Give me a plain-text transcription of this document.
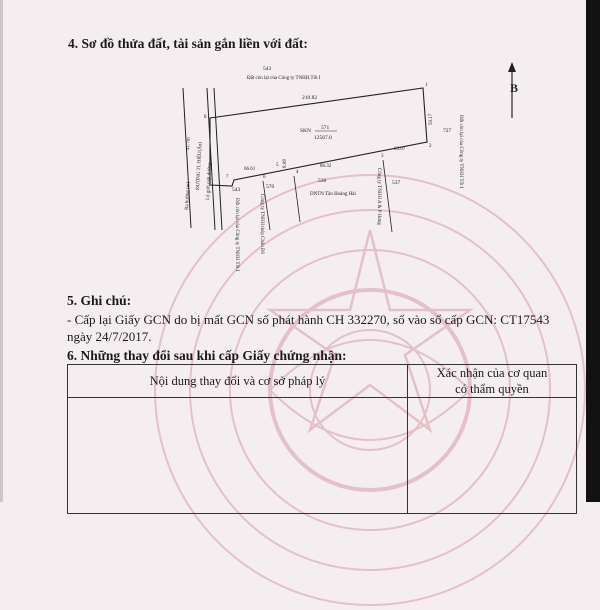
4. Sơ đồ thửa đất, tài sản gắn liền với đất:
B
543
Đất còn lại của Công ty TNHH Tốt I
ĐƯỜNG TL HIỆU(Ẩn) Lộ giới mặt đường
41.7m
Ra hướng (m)
210.82
59.17
63.07
86.32
66.61
8.08
SKN 571
12567.0
1
2
3
4
5
6
7
8	Đất còn lại của Công ty TNHH Tốt I
727
543	570
536	537
DNTN Tân Hoàng Hải
Đất còn lại của Công ty TNHH Tốt I	Công ty TNHH thép Châu Đô	Công ty TNHH A & P Hưng
5. Ghi chú:
- Cấp lại Giấy GCN do bị mất GCN số phát hành CH 332270, số vào sổ cấp GCN: CT17543 ngày 24/7/2017.
6. Những thay đổi sau khi cấp Giấy chứng nhận:
Nội dung thay đổi và cơ sở pháp lý	Xác nhận của cơ quan
có thẩm quyền
